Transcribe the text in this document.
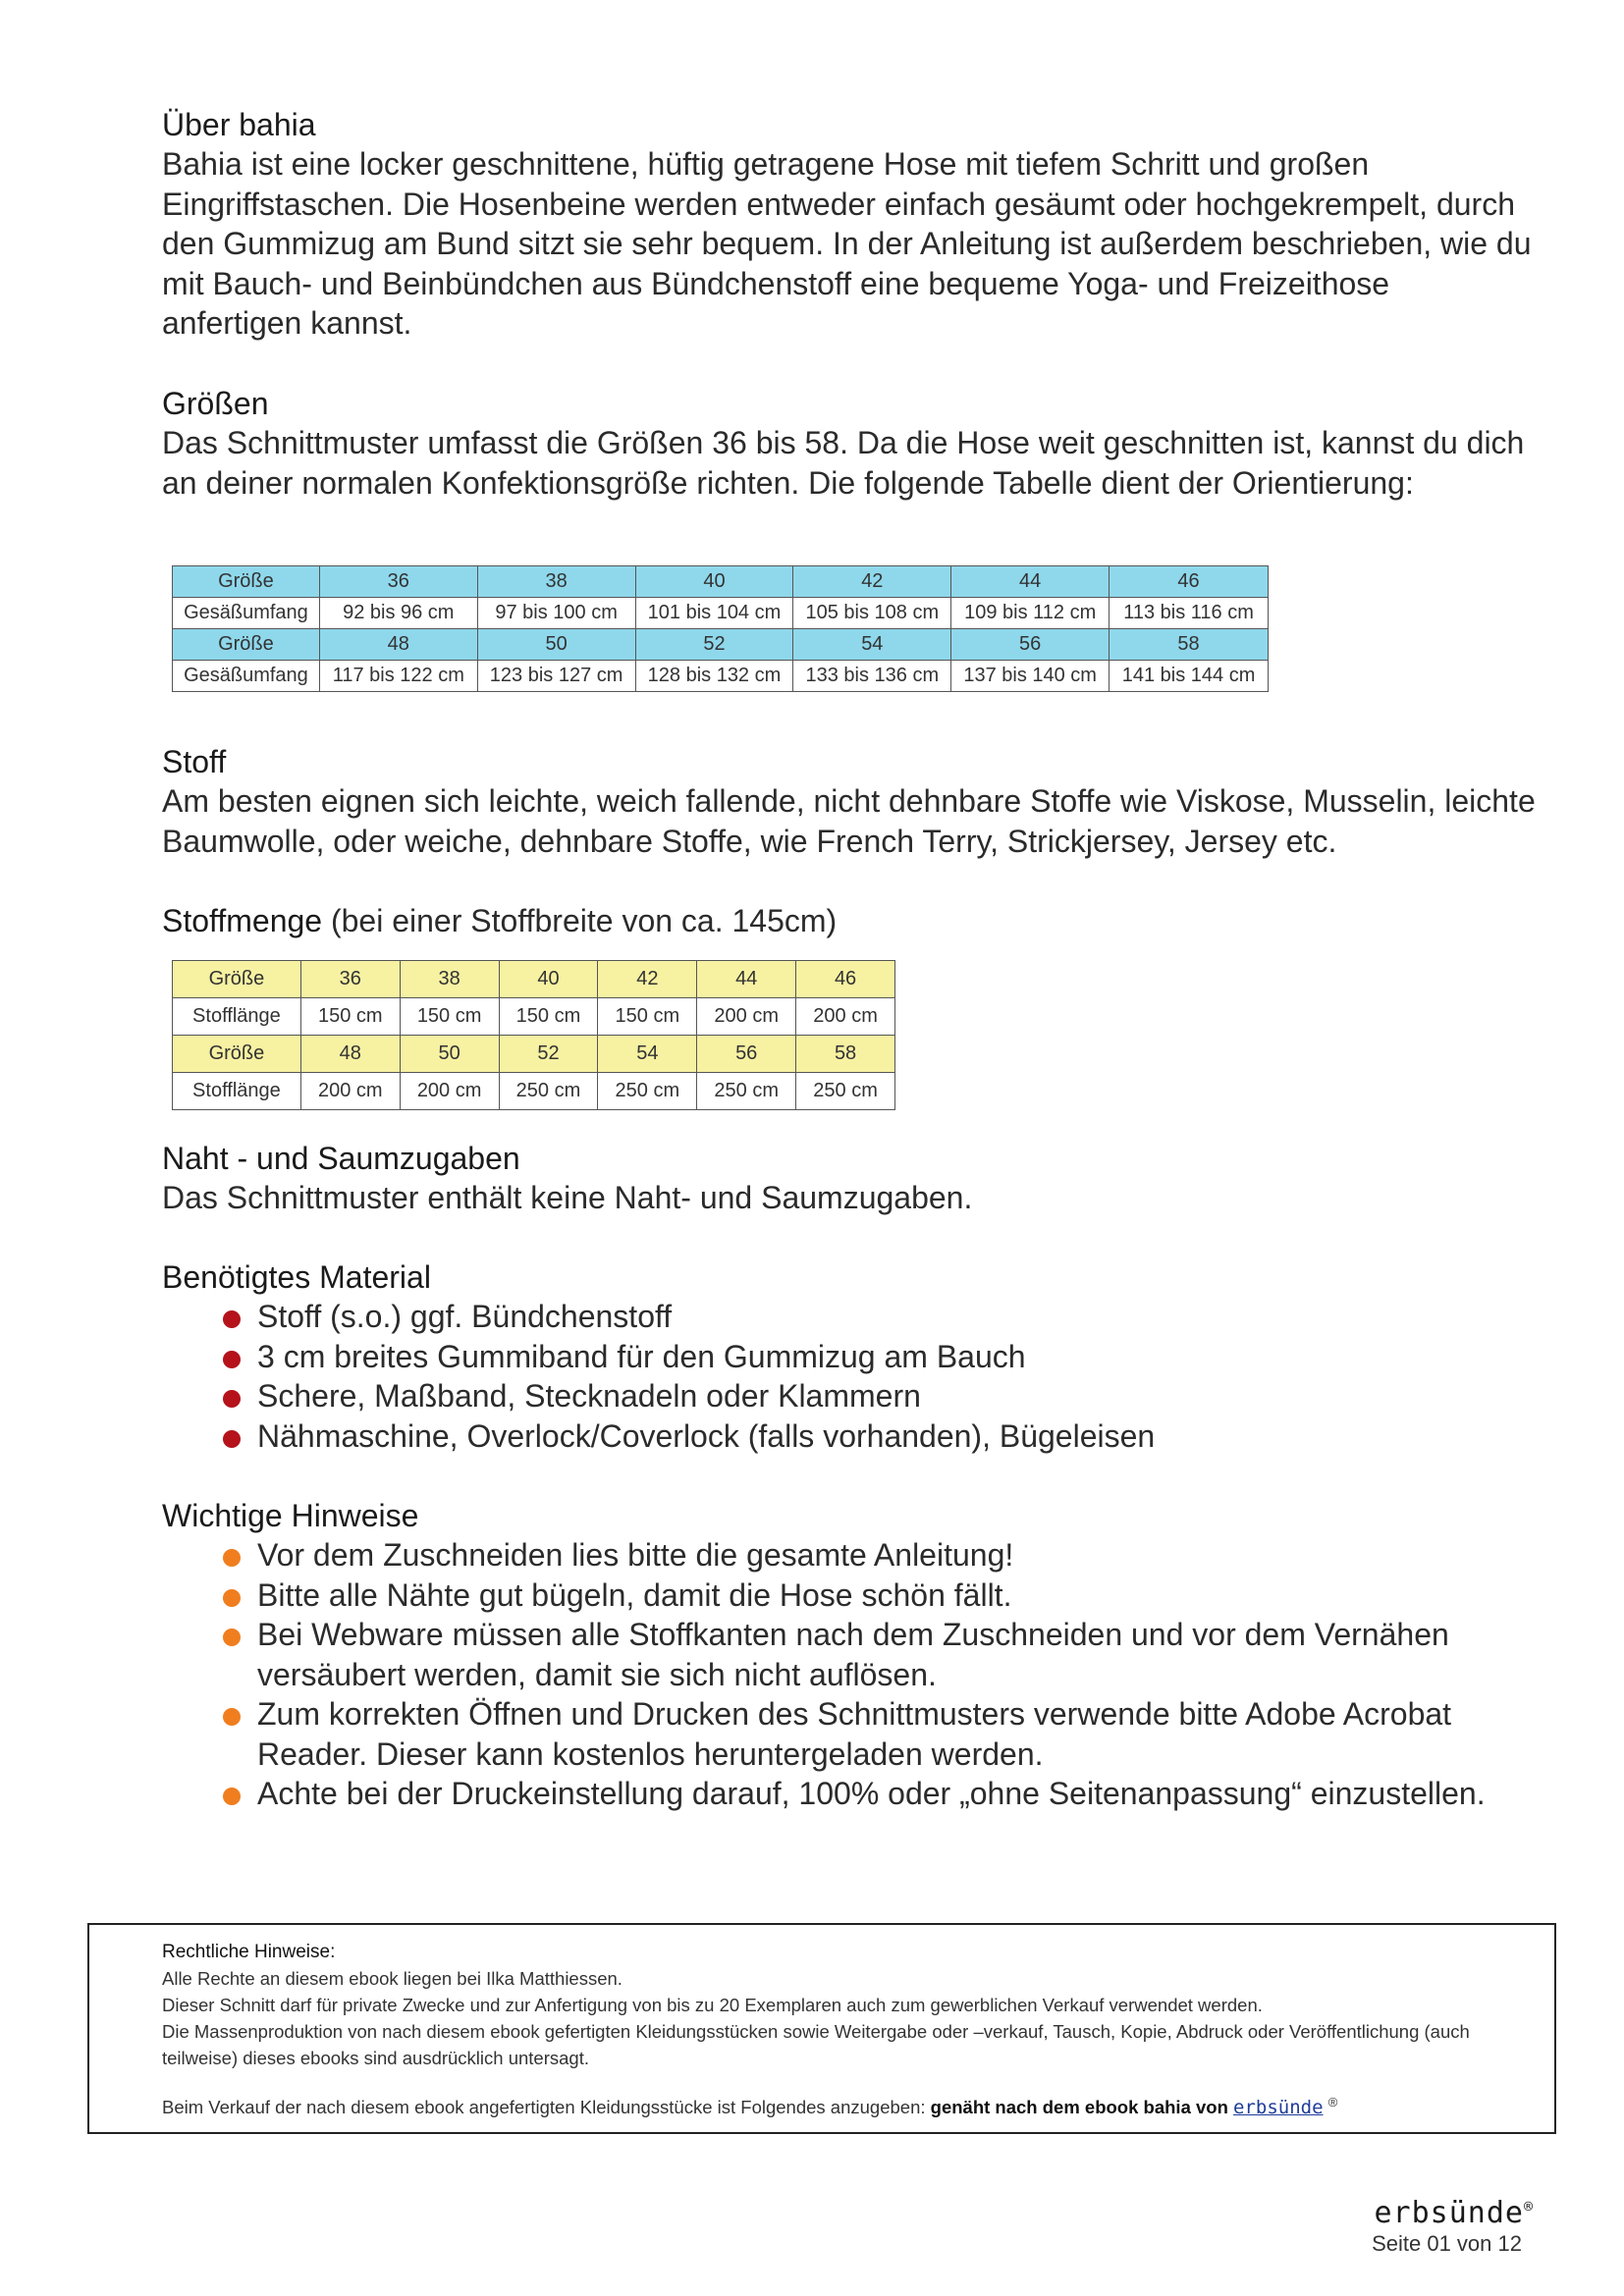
Über bahia

Bahia ist eine locker geschnittene, hüftig getragene Hose mit tiefem Schritt und großen Eingriffstaschen. Die Hosenbeine werden entweder einfach gesäumt oder hochgekrempelt, durch den Gummizug am Bund sitzt sie sehr bequem. In der Anleitung ist außerdem beschrieben, wie du mit Bauch- und Beinbündchen aus Bündchenstoff eine bequeme Yoga- und Freizeithose anfertigen kannst.

Größen

Das Schnittmuster umfasst die Größen 36 bis 58. Da die Hose weit geschnitten ist, kannst du dich an deiner normalen Konfektionsgröße richten. Die folgende Tabelle dient der Orientierung:

Größe	36	38	40	42	44	46
Gesäßumfang	92 bis 96 cm	97 bis 100 cm	101 bis 104 cm	105 bis 108 cm	109 bis 112 cm	113 bis 116 cm
Größe	48	50	52	54	56	58
Gesäßumfang	117 bis 122 cm	123 bis 127 cm	128 bis 132 cm	133 bis 136 cm	137 bis 140 cm	141 bis 144 cm
Stoff

Am besten eignen sich leichte, weich fallende, nicht dehnbare Stoffe wie Viskose, Musselin, leichte Baumwolle, oder weiche, dehnbare Stoffe, wie French Terry, Strickjersey, Jersey etc.

Stoffmenge (bei einer Stoffbreite von ca. 145cm)
Größe	36	38	40	42	44	46
Stofflänge	150 cm	150 cm	150 cm	150 cm	200 cm	200 cm
Größe	48	50	52	54	56	58
Stofflänge	200 cm	200 cm	250 cm	250 cm	250 cm	250 cm
Naht - und Saumzugaben

Das Schnittmuster enthält keine Naht- und Saumzugaben.

Benötigtes Material
Stoff (s.o.) ggf. Bündchenstoff
3 cm breites Gummiband für den Gummizug am Bauch
Schere, Maßband, Stecknadeln oder Klammern
Nähmaschine, Overlock/Coverlock (falls vorhanden), Bügeleisen
Wichtige Hinweise
Vor dem Zuschneiden lies bitte die gesamte Anleitung!
Bitte alle Nähte gut bügeln, damit die Hose schön fällt.
Bei Webware müssen alle Stoffkanten nach dem Zuschneiden und vor dem Vernähen versäubert werden, damit sie sich nicht auflösen.
Zum korrekten Öffnen und Drucken des Schnittmusters verwende bitte Adobe Acrobat Reader. Dieser kann kostenlos heruntergeladen werden.
Achte bei der Druckeinstellung darauf, 100% oder „ohne Seitenanpassung“ einzustellen.
Rechtliche Hinweise:
Alle Rechte an diesem ebook liegen bei Ilka Matthiessen.
Dieser Schnitt darf für private Zwecke und zur Anfertigung von bis zu 20 Exemplaren auch zum gewerblichen Verkauf verwendet werden.
Die Massenproduktion von nach diesem ebook gefertigten Kleidungsstücken sowie Weitergabe oder –verkauf, Tausch, Kopie, Abdruck oder Veröffentlichung (auch teilweise) dieses ebooks sind ausdrücklich untersagt.
Beim Verkauf der nach diesem ebook angefertigten Kleidungsstücke ist Folgendes anzugeben: genäht nach dem ebook bahia von erbsünde ®
erbsünde®
Seite 01 von 12
